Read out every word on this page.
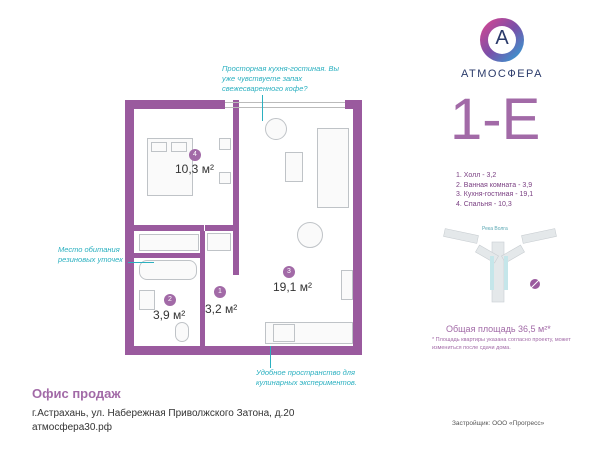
A
АТМОСФЕРА
1-E
1. Холл - 3,2
2. Ванная комната - 3,9
3. Кухня-гостиная - 19,1
4. Спальня - 10,3
Река Волга
Общая площадь 36,5 м²*
* Площадь квартиры указана согласно проекту, может измениться после сдачи дома.
4
10,3 м²
3
19,1 м²
2
3,9 м²
1
3,2 м²
Просторная кухня-гостиная. Вы уже чувствуете запах свежесваренного кофе?
Место обитания резиновых уточек
Удобное пространство для кулинарных экспериментов.
Офис продаж
г.Астрахань, ул. Набережная Приволжского Затона, д.20
атмосфера30.рф	Застройщик: ООО «Прогресс»
